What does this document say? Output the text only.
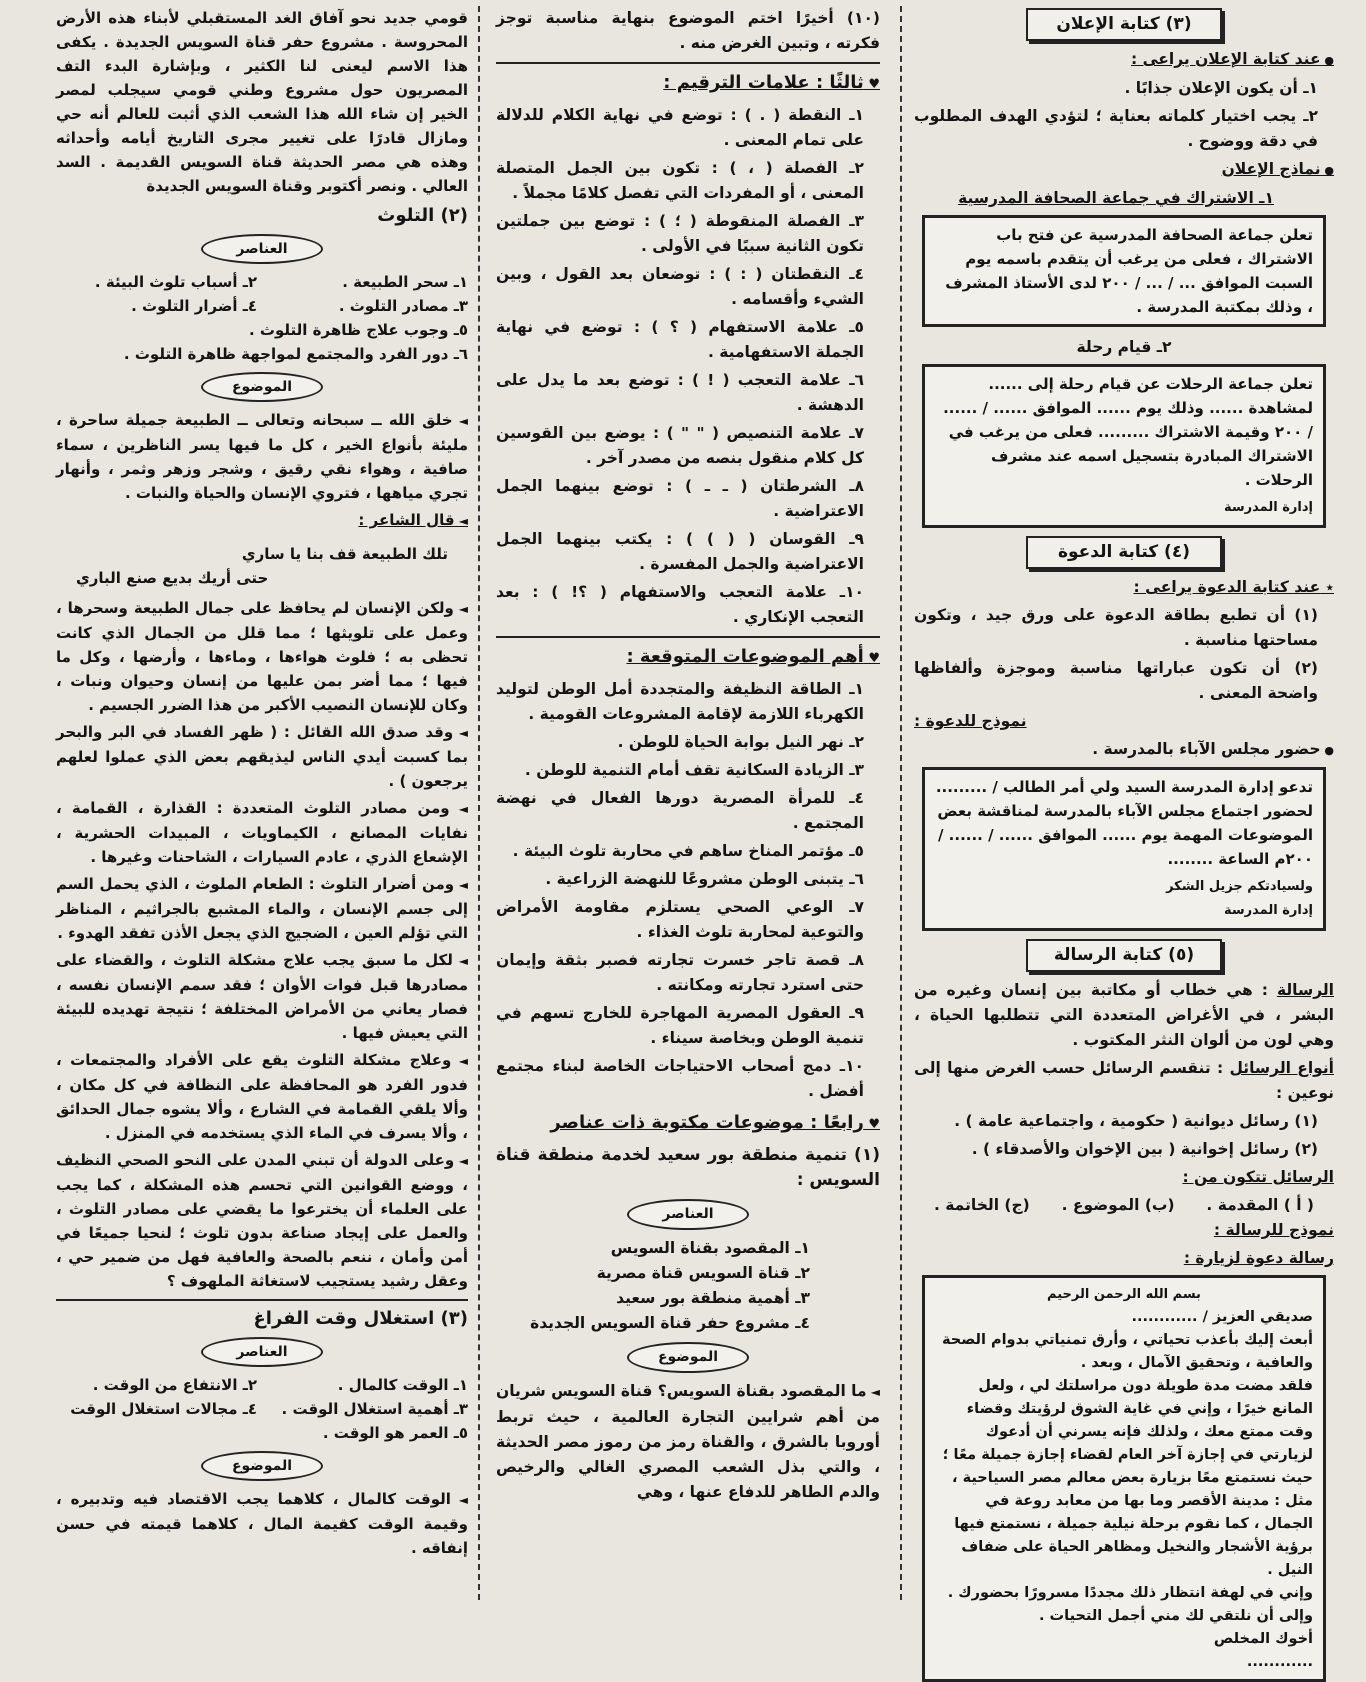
(٣) كتابة الإعلان

● عند كتابة الإعلان يراعى :

١ـ أن يكون الإعلان جذابًا .

٢ـ يجب اختيار كلماته بعناية ؛ لتؤدي الهدف المطلوب في دقة ووضوح .

● نماذج الإعلان

١ـ الاشتراك في جماعة الصحافة المدرسية

تعلن جماعة الصحافة المدرسية عن فتح باب الاشتراك ، فعلى من يرغب أن يتقدم باسمه يوم السبت الموافق ... / ... / ٢٠٠ لدى الأستاذ المشرف ، وذلك بمكتبة المدرسة .

٢ـ قيام رحلة

تعلن جماعة الرحلات عن قيام رحلة إلى ...... لمشاهدة ...... وذلك يوم ...... الموافق ...... / ...... / ٢٠٠ وقيمة الاشتراك ......... فعلى من يرغب في الاشتراك المبادرة بتسجيل اسمه عند مشرف الرحلات .
إدارة المدرسة
(٤) كتابة الدعوة

٭ عند كتابة الدعوة يراعى :

(١) أن تطبع بطاقة الدعوة على ورق جيد ، وتكون مساحتها مناسبة .

(٢) أن تكون عباراتها مناسبة وموجزة وألفاظها واضحة المعنى .

نموذج للدعوة :

● حضور مجلس الآباء بالمدرسة .

تدعو إدارة المدرسة السيد ولي أمر الطالب / ......... لحضور اجتماع مجلس الآباء بالمدرسة لمناقشة بعض الموضوعات المهمة يوم ...... الموافق ...... / ...... / ٢٠٠م الساعة ........
ولسيادتكم جزيل الشكر
إدارة المدرسة
(٥) كتابة الرسالة

الرسالة : هي خطاب أو مكاتبة بين إنسان وغيره من البشر ، في الأغراض المتعددة التي تتطلبها الحياة ، وهي لون من ألوان النثر المكتوب .

أنواع الرسائل : تنقسم الرسائل حسب الغرض منها إلى نوعين :

(١) رسائل ديوانية ( حكومية ، واجتماعية عامة ) .

(٢) رسائل إخوانية ( بين الإخوان والأصدقاء ) .

الرسائل تتكون من :

( أ ) المقدمة .
(ب) الموضوع .
(ج) الخاتمة .

نموذج للرسالة :

رسالة دعوة لزيارة :

بسم الله الرحمن الرحيم
صديقي العزيز / ............
أبعث إليك بأعذب تحياتي ، وأرق تمنياتي بدوام الصحة والعافية ، وتحقيق الآمال ، وبعد .
فلقد مضت مدة طويلة دون مراسلتك لي ، ولعل المانع خيرًا ، وإني في غاية الشوق لرؤيتك وقضاء وقت ممتع معك ، ولذلك فإنه يسرني أن أدعوك لزيارتي في إجازة آخر العام لقضاء إجازة جميلة معًا ؛ حيث نستمتع معًا بزيارة بعض معالم مصر السياحية ، مثل : مدينة الأقصر وما بها من معابد روعة في الجمال ، كما نقوم برحلة نيلية جميلة ، نستمتع فيها برؤية الأشجار والنخيل ومظاهر الحياة على ضفاف النيل .
وإني في لهفة انتظار ذلك مجددًا مسرورًا بحضورك . وإلى أن نلتقي لك مني أجمل التحيات .
أخوك المخلص
............

(١٠) أخيرًا اختم الموضوع بنهاية مناسبة توجز فكرته ، وتبين الغرض منه .

♥ ثالثًا : علامات الترقيم :

١ـ النقطة ( . ) : توضع في نهاية الكلام للدلالة على تمام المعنى .

٢ـ الفصلة ( ، ) : تكون بين الجمل المتصلة المعنى ، أو المفردات التي تفصل كلامًا مجملاً .

٣ـ الفصلة المنقوطة ( ؛ ) : توضع بين جملتين تكون الثانية سببًا في الأولى .

٤ـ النقطتان ( : ) : توضعان بعد القول ، وبين الشيء وأقسامه .

٥ـ علامة الاستفهام ( ؟ ) : توضع في نهاية الجملة الاستفهامية .

٦ـ علامة التعجب ( ! ) : توضع بعد ما يدل على الدهشة .

٧ـ علامة التنصيص ( " " ) : يوضع بين القوسين كل كلام منقول بنصه من مصدر آخر .

٨ـ الشرطتان ( ـ ـ ) : توضع بينهما الجمل الاعتراضية .

٩ـ القوسان ( ( ) ) : يكتب بينهما الجمل الاعتراضية والجمل المفسرة .

١٠ـ علامة التعجب والاستفهام ( ؟! ) : بعد التعجب الإنكاري .

♥ أهم الموضوعات المتوقعة :

١ـ الطاقة النظيفة والمتجددة أمل الوطن لتوليد الكهرباء اللازمة لإقامة المشروعات القومية .

٢ـ نهر النيل بوابة الحياة للوطن .

٣ـ الزيادة السكانية تقف أمام التنمية للوطن .

٤ـ للمرأة المصرية دورها الفعال في نهضة المجتمع .

٥ـ مؤتمر المناخ ساهم في محاربة تلوث البيئة .

٦ـ يتبنى الوطن مشروعًا للنهضة الزراعية .

٧ـ الوعي الصحي يستلزم مقاومة الأمراض والتوعية لمحاربة تلوث الغذاء .

٨ـ قصة تاجر خسرت تجارته فصبر بثقة وإيمان حتى استرد تجارته ومكانته .

٩ـ العقول المصرية المهاجرة للخارج تسهم في تنمية الوطن وبخاصة سيناء .

١٠ـ دمج أصحاب الاحتياجات الخاصة لبناء مجتمع أفضل .

♥ رابعًا : موضوعات مكتوبة ذات عناصر

(١) تنمية منطقة بور سعيد لخدمة منطقة قناة السويس :

العناصر
١ـ المقصود بقناة السويس
٢ـ قناة السويس قناة مصرية
٣ـ أهمية منطقة بور سعيد
٤ـ مشروع حفر قناة السويس الجديدة
الموضوع

◄ ما المقصود بقناة السويس؟ قناة السويس شريان من أهم شرايين التجارة العالمية ، حيث تربط أوروبا بالشرق ، والقناة رمز من رموز مصر الحديثة ، والتي بذل الشعب المصري الغالي والرخيص والدم الطاهر للدفاع عنها ، وهي

قومي جديد نحو آفاق الغد المستقبلي لأبناء هذه الأرض المحروسة . مشروع حفر قناة السويس الجديدة . يكفى هذا الاسم ليعنى لنا الكثير ، وبإشارة البدء التف المصريون حول مشروع وطني قومي سيجلب لمصر الخير إن شاء الله هذا الشعب الذي أثبت للعالم أنه حي ومازال قادرًا على تغيير مجرى التاريخ أيامه وأحداثه وهذه هي مصر الحديثة قناة السويس القديمة . السد العالي . ونصر أكتوبر وقناة السويس الجديدة

(٢) التلوث

العناصر
١ـ سحر الطبيعة .
٢ـ أسباب تلوث البيئة .
٣ـ مصادر التلوث .
٤ـ أضرار التلوث .
٥ـ وجوب علاج ظاهرة التلوث .
٦ـ دور الفرد والمجتمع لمواجهة ظاهرة التلوث .
الموضوع

◄ خلق الله ــ سبحانه وتعالى ــ الطبيعة جميلة ساحرة ، مليئة بأنواع الخير ، كل ما فيها يسر الناظرين ، سماء صافية ، وهواء نقي رقيق ، وشجر وزهر وثمر ، وأنهار تجري مياهها ، فتروي الإنسان والحياة والنبات .

◄ قال الشاعر :

تلك الطبيعة قف بنا يا ساري
حتى أريك بديع صنع الباري

◄ ولكن الإنسان لم يحافظ على جمال الطبيعة وسحرها ، وعمل على تلويثها ؛ مما قلل من الجمال الذي كانت تحظى به ؛ فلوث هواءها ، وماءها ، وأرضها ، وكل ما فيها ؛ مما أضر بمن عليها من إنسان وحيوان ونبات ، وكان للإنسان النصيب الأكبر من هذا الضرر الجسيم .

◄ وقد صدق الله القائل : ( ظهر الفساد في البر والبحر بما كسبت أيدي الناس ليذيقهم بعض الذي عملوا لعلهم يرجعون ) .

◄ ومن مصادر التلوث المتعددة : القذارة ، القمامة ، نفايات المصانع ، الكيماويات ، المبيدات الحشرية ، الإشعاع الذري ، عادم السيارات ، الشاحنات وغيرها .

◄ ومن أضرار التلوث : الطعام الملوث ، الذي يحمل السم إلى جسم الإنسان ، والماء المشبع بالجراثيم ، المناظر التي تؤلم العين ، الضجيج الذي يجعل الأذن تفقد الهدوء .

◄ لكل ما سبق يجب علاج مشكلة التلوث ، والقضاء على مصادرها قبل فوات الأوان ؛ فقد سمم الإنسان نفسه ، فصار يعاني من الأمراض المختلفة ؛ نتيجة تهديده للبيئة التي يعيش فيها .

◄ وعلاج مشكلة التلوث يقع على الأفراد والمجتمعات ، فدور الفرد هو المحافظة على النظافة في كل مكان ، وألا يلقي القمامة في الشارع ، وألا يشوه جمال الحدائق ، وألا يسرف في الماء الذي يستخدمه في المنزل .

◄ وعلى الدولة أن تبني المدن على النحو الصحي النظيف ، ووضع القوانين التي تحسم هذه المشكلة ، كما يجب على العلماء أن يخترعوا ما يقضي على مصادر التلوث ، والعمل على إيجاد صناعة بدون تلوث ؛ لنحيا جميعًا في أمن وأمان ، ننعم بالصحة والعافية فهل من ضمير حي ، وعقل رشيد يستجيب لاستغاثة الملهوف ؟

(٣) استغلال وقت الفراغ

العناصر
١ـ الوقت كالمال .
٢ـ الانتفاع من الوقت .
٣ـ أهمية استغلال الوقت .
٤ـ مجالات استغلال الوقت
٥ـ العمر هو الوقت .
الموضوع

◄ الوقت كالمال ، كلاهما يجب الاقتصاد فيه وتدبيره ، وقيمة الوقت كقيمة المال ، كلاهما قيمته في حسن إنفاقه .
